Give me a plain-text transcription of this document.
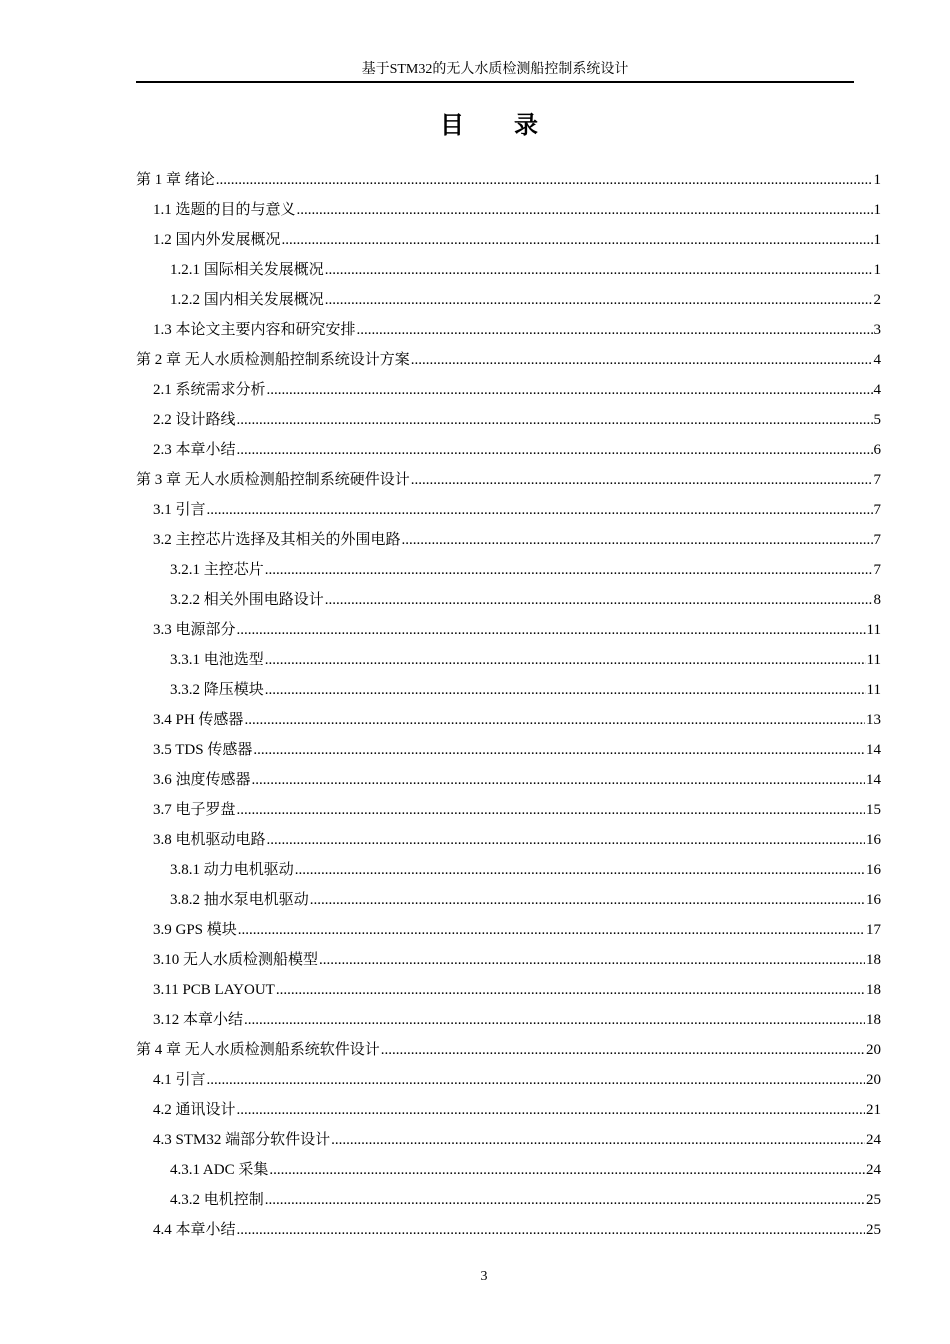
基于STM32的无人水质检测船控制系统设计
目 录
第 1 章 绪论 .....	1
1.1 选题的目的与意义 .....	1
1.2 国内外发展概况 .....	1
1.2.1 国际相关发展概况 .....	1
1.2.2 国内相关发展概况 .....	2
1.3 本论文主要内容和研究安排 .....	3
第 2 章 无人水质检测船控制系统设计方案 .....	4
2.1 系统需求分析 .....	4
2.2 设计路线 .....	5
2.3 本章小结 .....	6
第 3 章 无人水质检测船控制系统硬件设计 .....	7
3.1 引言 .....	7
3.2 主控芯片选择及其相关的外围电路 .....	7
3.2.1 主控芯片 .....	7
3.2.2 相关外围电路设计 .....	8
3.3 电源部分 .....	11
3.3.1 电池选型 .....	11
3.3.2 降压模块 .....	11
3.4 PH 传感器 .....	13
3.5 TDS 传感器 .....	14
3.6 浊度传感器 .....	14
3.7 电子罗盘 .....	15
3.8 电机驱动电路 .....	16
3.8.1 动力电机驱动 .....	16
3.8.2 抽水泵电机驱动 .....	16
3.9 GPS 模块 .....	17
3.10 无人水质检测船模型 .....	18
3.11 PCB LAYOUT .....	18
3.12 本章小结 .....	18
第 4 章 无人水质检测船系统软件设计 .....	20
4.1 引言 .....	20
4.2 通讯设计 .....	21
4.3 STM32 端部分软件设计 .....	24
4.3.1 ADC 采集 .....	24
4.3.2 电机控制 .....	25
4.4 本章小结 .....	25
3
